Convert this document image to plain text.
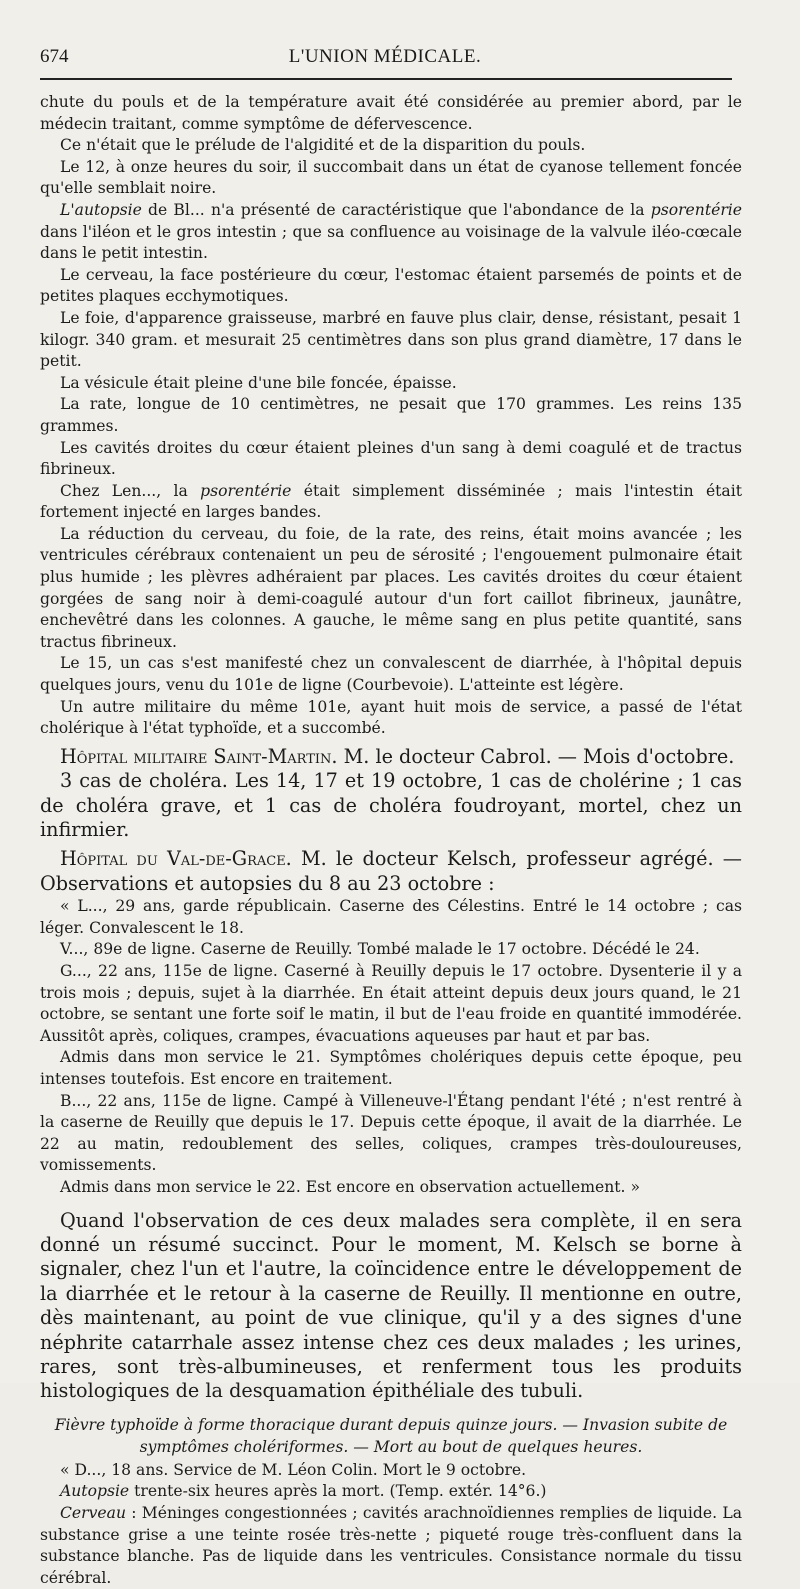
674	L'UNION MÉDICALE.

chute du pouls et de la température avait été considérée au premier abord, par le médecin traitant, comme symptôme de défervescence.

Ce n'était que le prélude de l'algidité et de la disparition du pouls.

Le 12, à onze heures du soir, il succombait dans un état de cyanose tellement foncée qu'elle semblait noire.

L'autopsie de Bl... n'a présenté de caractéristique que l'abondance de la psorentérie dans l'iléon et le gros intestin ; que sa confluence au voisinage de la valvule iléo-cœcale dans le petit intestin.

Le cerveau, la face postérieure du cœur, l'estomac étaient parsemés de points et de petites plaques ecchymotiques.

Le foie, d'apparence graisseuse, marbré en fauve plus clair, dense, résistant, pesait 1 kilogr. 340 gram. et mesurait 25 centimètres dans son plus grand diamètre, 17 dans le petit.

La vésicule était pleine d'une bile foncée, épaisse.

La rate, longue de 10 centimètres, ne pesait que 170 grammes. Les reins 135 grammes.

Les cavités droites du cœur étaient pleines d'un sang à demi coagulé et de tractus fibrineux.

Chez Len..., la psorentérie était simplement disséminée ; mais l'intestin était fortement injecté en larges bandes.

La réduction du cerveau, du foie, de la rate, des reins, était moins avancée ; les ventricules cérébraux contenaient un peu de sérosité ; l'engouement pulmonaire était plus humide ; les plèvres adhéraient par places. Les cavités droites du cœur étaient gorgées de sang noir à demi-coagulé autour d'un fort caillot fibrineux, jaunâtre, enchevêtré dans les colonnes. A gauche, le même sang en plus petite quantité, sans tractus fibrineux.

Le 15, un cas s'est manifesté chez un convalescent de diarrhée, à l'hôpital depuis quelques jours, venu du 101e de ligne (Courbevoie). L'atteinte est légère.

Un autre militaire du même 101e, ayant huit mois de service, a passé de l'état cholérique à l'état typhoïde, et a succombé.

Hôpital militaire Saint-Martin. M. le docteur Cabrol. — Mois d'octobre.

3 cas de choléra. Les 14, 17 et 19 octobre, 1 cas de cholérine ; 1 cas de choléra grave, et 1 cas de choléra foudroyant, mortel, chez un infirmier.

Hôpital du Val-de-Grace. M. le docteur Kelsch, professeur agrégé. — Observations et autopsies du 8 au 23 octobre :

« L..., 29 ans, garde républicain. Caserne des Célestins. Entré le 14 octobre ; cas léger. Convalescent le 18.

V..., 89e de ligne. Caserne de Reuilly. Tombé malade le 17 octobre. Décédé le 24.

G..., 22 ans, 115e de ligne. Caserné à Reuilly depuis le 17 octobre. Dysenterie il y a trois mois ; depuis, sujet à la diarrhée. En était atteint depuis deux jours quand, le 21 octobre, se sentant une forte soif le matin, il but de l'eau froide en quantité immodérée. Aussitôt après, coliques, crampes, évacuations aqueuses par haut et par bas.

Admis dans mon service le 21. Symptômes cholériques depuis cette époque, peu intenses toutefois. Est encore en traitement.

B..., 22 ans, 115e de ligne. Campé à Villeneuve-l'Étang pendant l'été ; n'est rentré à la caserne de Reuilly que depuis le 17. Depuis cette époque, il avait de la diarrhée. Le 22 au matin, redoublement des selles, coliques, crampes très-douloureuses, vomissements.

Admis dans mon service le 22. Est encore en observation actuellement. »

Quand l'observation de ces deux malades sera complète, il en sera donné un résumé succinct. Pour le moment, M. Kelsch se borne à signaler, chez l'un et l'autre, la coïncidence entre le développement de la diarrhée et le retour à la caserne de Reuilly. Il mentionne en outre, dès maintenant, au point de vue clinique, qu'il y a des signes d'une néphrite catarrhale assez intense chez ces deux malades ; les urines, rares, sont très-albumineuses, et renferment tous les produits histologiques de la desquamation épithéliale des tubuli.

Fièvre typhoïde à forme thoracique durant depuis quinze jours. — Invasion subite de symptômes cholériformes. — Mort au bout de quelques heures.

« D..., 18 ans. Service de M. Léon Colin. Mort le 9 octobre.

Autopsie trente-six heures après la mort. (Temp. extér. 14°6.)

Cerveau : Méninges congestionnées ; cavités arachnoïdiennes remplies de liquide. La substance grise a une teinte rosée très-nette ; piqueté rouge très-confluent dans la substance blanche. Pas de liquide dans les ventricules. Consistance normale du tissu cérébral.
